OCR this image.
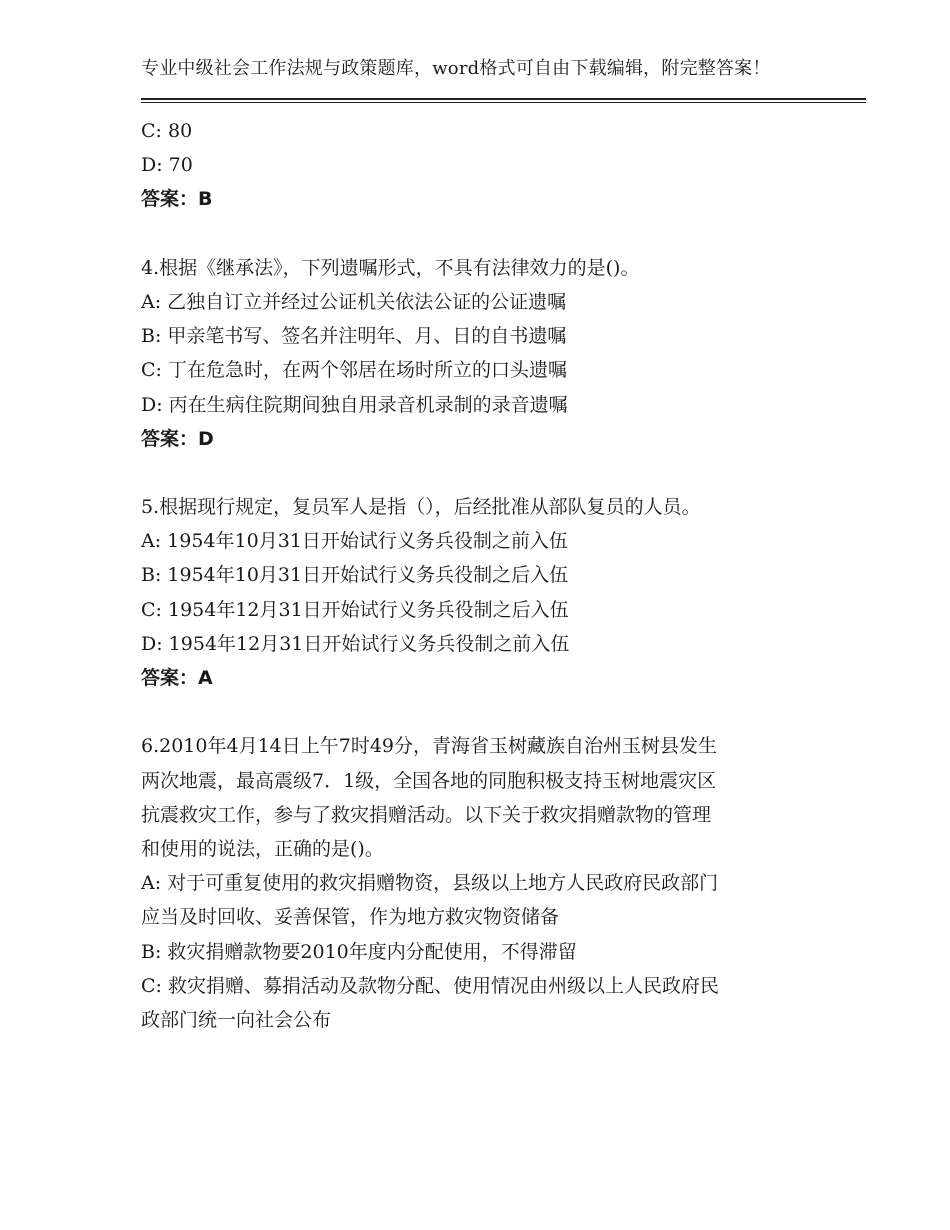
专业中级社会工作法规与政策题库，word格式可自由下载编辑，附完整答案！
C: 80
D: 70
答案：B
4.根据《继承法》，下列遗嘱形式，不具有法律效力的是()。
A: 乙独自订立并经过公证机关依法公证的公证遗嘱
B: 甲亲笔书写、签名并注明年、月、日的自书遗嘱
C: 丁在危急时，在两个邻居在场时所立的口头遗嘱
D: 丙在生病住院期间独自用录音机录制的录音遗嘱
答案：D
5.根据现行规定，复员军人是指（），后经批准从部队复员的人员。
A: 1954年10月31日开始试行义务兵役制之前入伍
B: 1954年10月31日开始试行义务兵役制之后入伍
C: 1954年12月31日开始试行义务兵役制之后入伍
D: 1954年12月31日开始试行义务兵役制之前入伍
答案：A
6.2010年4月14日上午7时49分，青海省玉树藏族自治州玉树县发生
两次地震，最高震级7．1级，全国各地的同胞积极支持玉树地震灾区
抗震救灾工作，参与了救灾捐赠活动。以下关于救灾捐赠款物的管理
和使用的说法，正确的是()。
A: 对于可重复使用的救灾捐赠物资，县级以上地方人民政府民政部门
应当及时回收、妥善保管，作为地方救灾物资储备
B: 救灾捐赠款物要2010年度内分配使用，不得滞留
C: 救灾捐赠、募捐活动及款物分配、使用情况由州级以上人民政府民
政部门统一向社会公布
